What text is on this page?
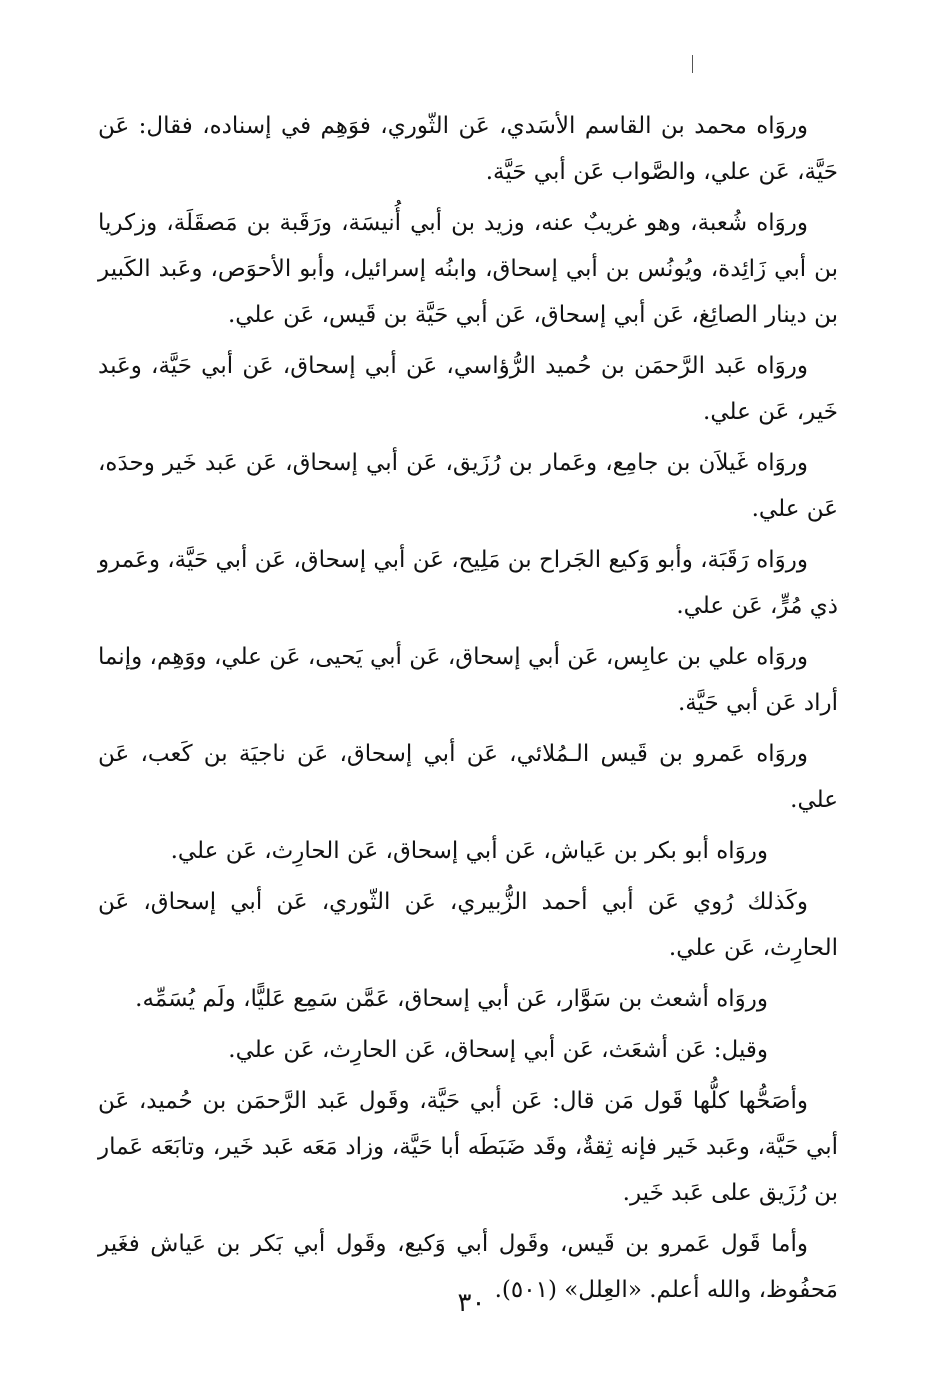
وروَاه محمد بن القاسم الأسَدي، عَن الثّوري، فوَهِم في إسناده، فقال: عَن حَيَّة، عَن علي، والصَّواب عَن أبي حَيَّة.

وروَاه شُعبة، وهو غريبٌ عنه، وزيد بن أبي أُنيسَة، ورَقَبة بن مَصقَلَة، وزكريا بن أبي زَائِدة، ويُونُس بن أبي إسحاق، وابنُه إسرائيل، وأبو الأحوَص، وعَبد الكَبير بن دينار الصائِغ، عَن أبي إسحاق، عَن أبي حَيَّة بن قَيس، عَن علي.

وروَاه عَبد الرَّحمَن بن حُميد الرُّؤاسي، عَن أبي إسحاق، عَن أبي حَيَّة، وعَبد خَير، عَن علي.

وروَاه غَيلاَن بن جامِع، وعَمار بن رُزَيق، عَن أبي إسحاق، عَن عَبد خَير وحدَه، عَن علي.

وروَاه رَقَبَة، وأبو وَكيع الجَراح بن مَلِيح، عَن أبي إسحاق، عَن أبي حَيَّة، وعَمرو ذي مُرٍّ، عَن علي.

وروَاه علي بن عابِس، عَن أبي إسحاق، عَن أبي يَحيى، عَن علي، ووَهِم، وإنما أراد عَن أبي حَيَّة.

وروَاه عَمرو بن قَيس الـمُلائي، عَن أبي إسحاق، عَن ناجيَة بن كَعب، عَن علي.

وروَاه أبو بكر بن عَياش، عَن أبي إسحاق، عَن الحارِث، عَن علي.

وكَذلك رُوي عَن أبي أحمد الزُّبيري، عَن الثّوري، عَن أبي إسحاق، عَن الحارِث، عَن علي.

وروَاه أشعث بن سَوَّار، عَن أبي إسحاق، عَمَّن سَمِع عَليًّا، ولَم يُسَمِّه.

وقيل: عَن أشعَث، عَن أبي إسحاق، عَن الحارِث، عَن علي.

وأصَحُّها كلُّها قَول مَن قال: عَن أبي حَيَّة، وقَول عَبد الرَّحمَن بن حُميد، عَن أبي حَيَّة، وعَبد خَير فإنه ثِقةٌ، وقَد ضَبَطَه أبا حَيَّة، وزاد مَعَه عَبد خَير، وتابَعَه عَمار بن رُزَيق على عَبد خَير.

وأما قَول عَمرو بن قَيس، وقَول أبي وَكيع، وقَول أبي بَكر بن عَياش فغَير مَحفُوظ، والله أعلم. «العِلل» (٥٠١).

٣٠
